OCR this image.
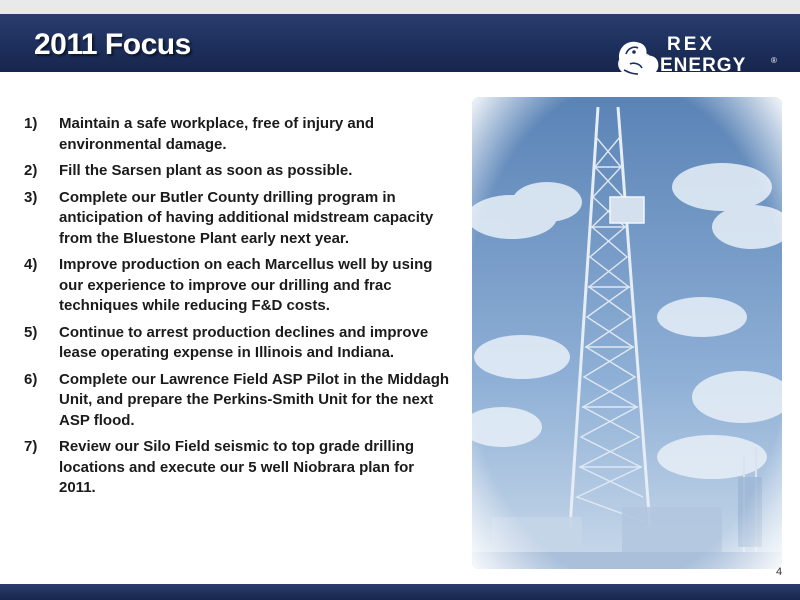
2011 Focus	REX
ENERGY	®
1) Maintain a safe workplace, free of injury and environmental damage.
2) Fill the Sarsen plant as soon as possible.
3) Complete our Butler County drilling program in anticipation of having additional midstream capacity from the Bluestone Plant early next year.
4) Improve production on each Marcellus well by using our experience to improve our drilling and frac techniques while reducing F&D costs.
5) Continue to arrest production declines and improve lease operating expense in Illinois and Indiana.
6) Complete our Lawrence Field ASP Pilot in the Middagh Unit, and prepare the Perkins-Smith Unit for the next ASP flood.
7) Review our Silo Field seismic to top grade drilling locations and execute our 5 well Niobrara plan for 2011.
4
